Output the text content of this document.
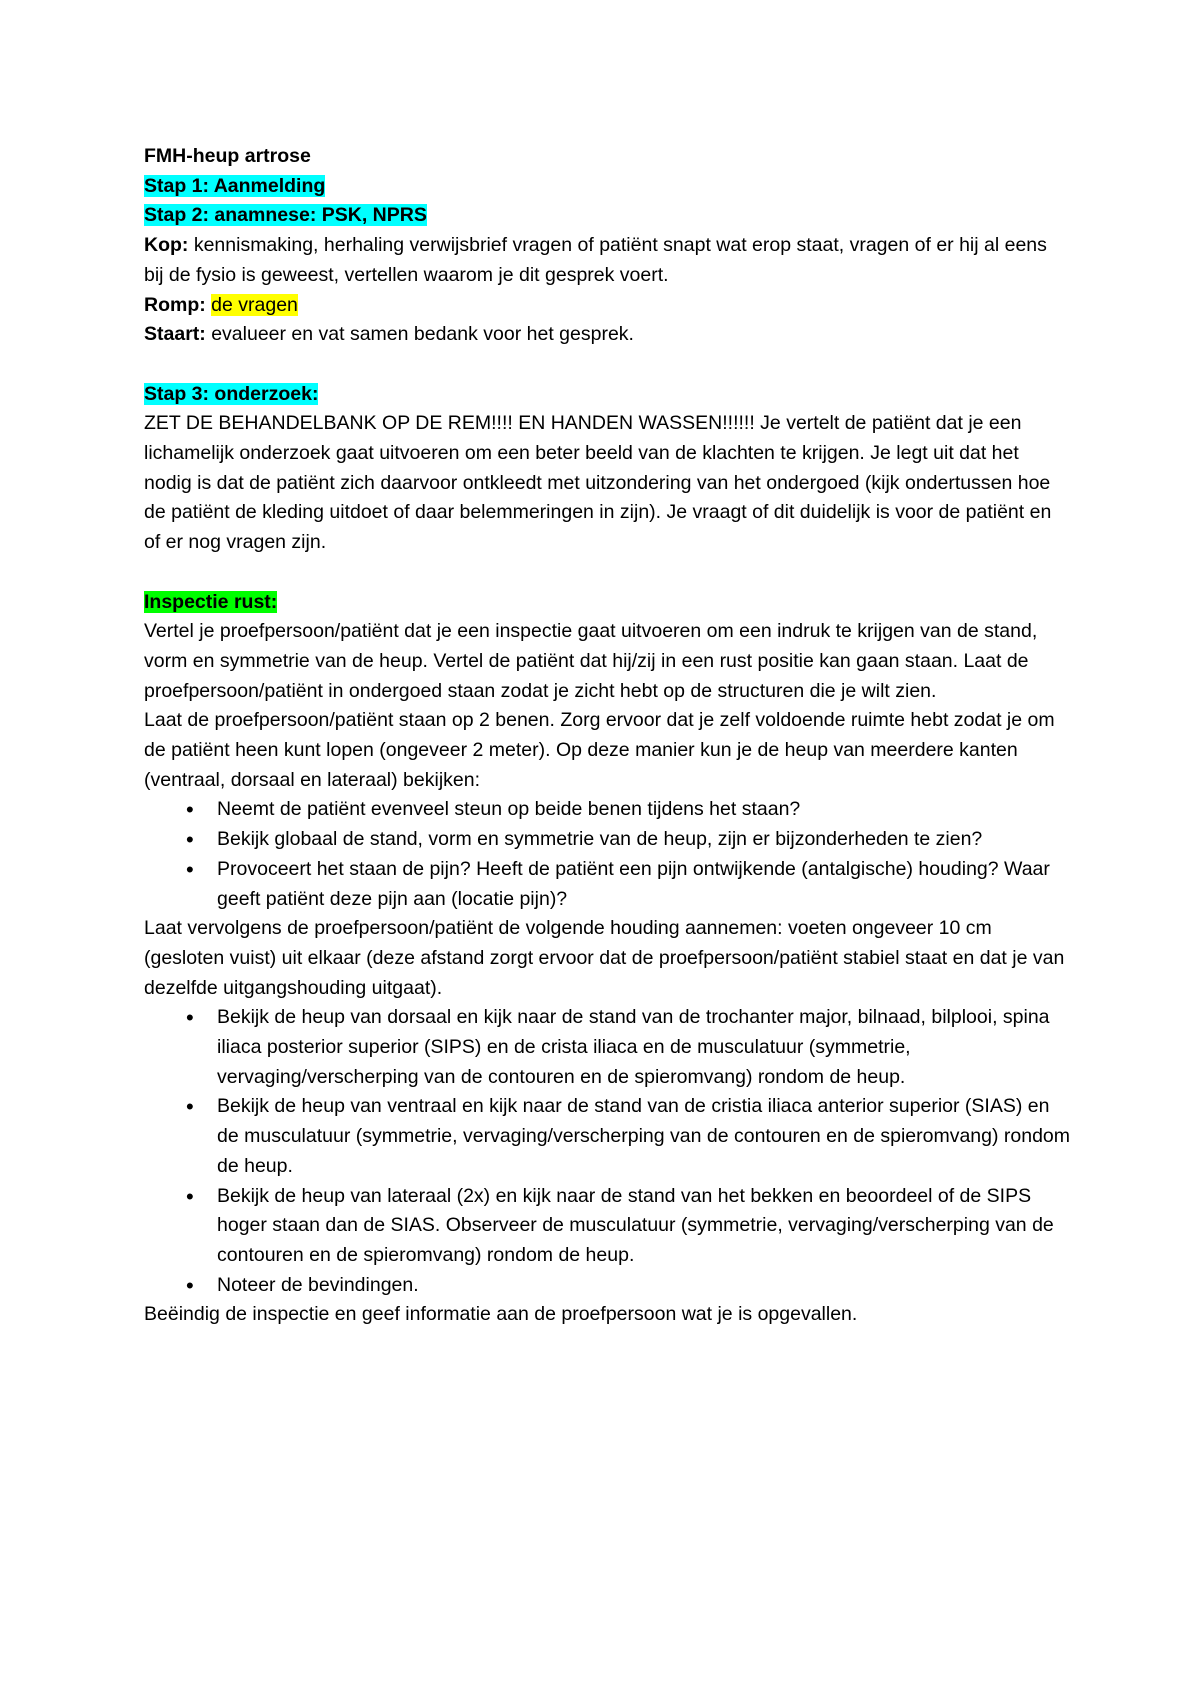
FMH-heup artrose

Stap 1: Aanmelding

Stap 2: anamnese: PSK, NPRS

Kop: kennismaking, herhaling verwijsbrief vragen of patiënt snapt wat erop staat, vragen of er hij al eens bij de fysio is geweest, vertellen waarom je dit gesprek voert.

Romp: de vragen

Staart: evalueer en vat samen bedank voor het gesprek.

Stap 3: onderzoek:

ZET DE BEHANDELBANK OP DE REM!!!! EN HANDEN WASSEN!!!!!! Je vertelt de patiënt dat je een lichamelijk onderzoek gaat uitvoeren om een beter beeld van de klachten te krijgen. Je legt uit dat het nodig is dat de patiënt zich daarvoor ontkleedt met uitzondering van het ondergoed (kijk ondertussen hoe de patiënt de kleding uitdoet of daar belemmeringen in zijn). Je vraagt of dit duidelijk is voor de patiënt en of er nog vragen zijn.

Inspectie rust:

Vertel je proefpersoon/patiënt dat je een inspectie gaat uitvoeren om een indruk te krijgen van de stand, vorm en symmetrie van de heup. Vertel de patiënt dat hij/zij in een rust positie kan gaan staan. Laat de proefpersoon/patiënt in ondergoed staan zodat je zicht hebt op de structuren die je wilt zien.

Laat de proefpersoon/patiënt staan op 2 benen. Zorg ervoor dat je zelf voldoende ruimte hebt zodat je om de patiënt heen kunt lopen (ongeveer 2 meter). Op deze manier kun je de heup van meerdere kanten (ventraal, dorsaal en lateraal) bekijken:

• Neemt de patiënt evenveel steun op beide benen tijdens het staan?
• Bekijk globaal de stand, vorm en symmetrie van de heup, zijn er bijzonderheden te zien?
• Provoceert het staan de pijn? Heeft de patiënt een pijn ontwijkende (antalgische) houding? Waar geeft patiënt deze pijn aan (locatie pijn)?

Laat vervolgens de proefpersoon/patiënt de volgende houding aannemen: voeten ongeveer 10 cm (gesloten vuist) uit elkaar (deze afstand zorgt ervoor dat de proefpersoon/patiënt stabiel staat en dat je van dezelfde uitgangshouding uitgaat).

• Bekijk de heup van dorsaal en kijk naar de stand van de trochanter major, bilnaad, bilplooi, spina iliaca posterior superior (SIPS) en de crista iliaca en de musculatuur (symmetrie, vervaging/verscherping van de contouren en de spieromvang) rondom de heup.
• Bekijk de heup van ventraal en kijk naar de stand van de cristia iliaca anterior superior (SIAS) en de musculatuur (symmetrie, vervaging/verscherping van de contouren en de spieromvang) rondom de heup.
• Bekijk de heup van lateraal (2x) en kijk naar de stand van het bekken en beoordeel of de SIPS hoger staan dan de SIAS. Observeer de musculatuur (symmetrie, vervaging/verscherping van de contouren en de spieromvang) rondom de heup.
• Noteer de bevindingen.

Beëindig de inspectie en geef informatie aan de proefpersoon wat je is opgevallen.
